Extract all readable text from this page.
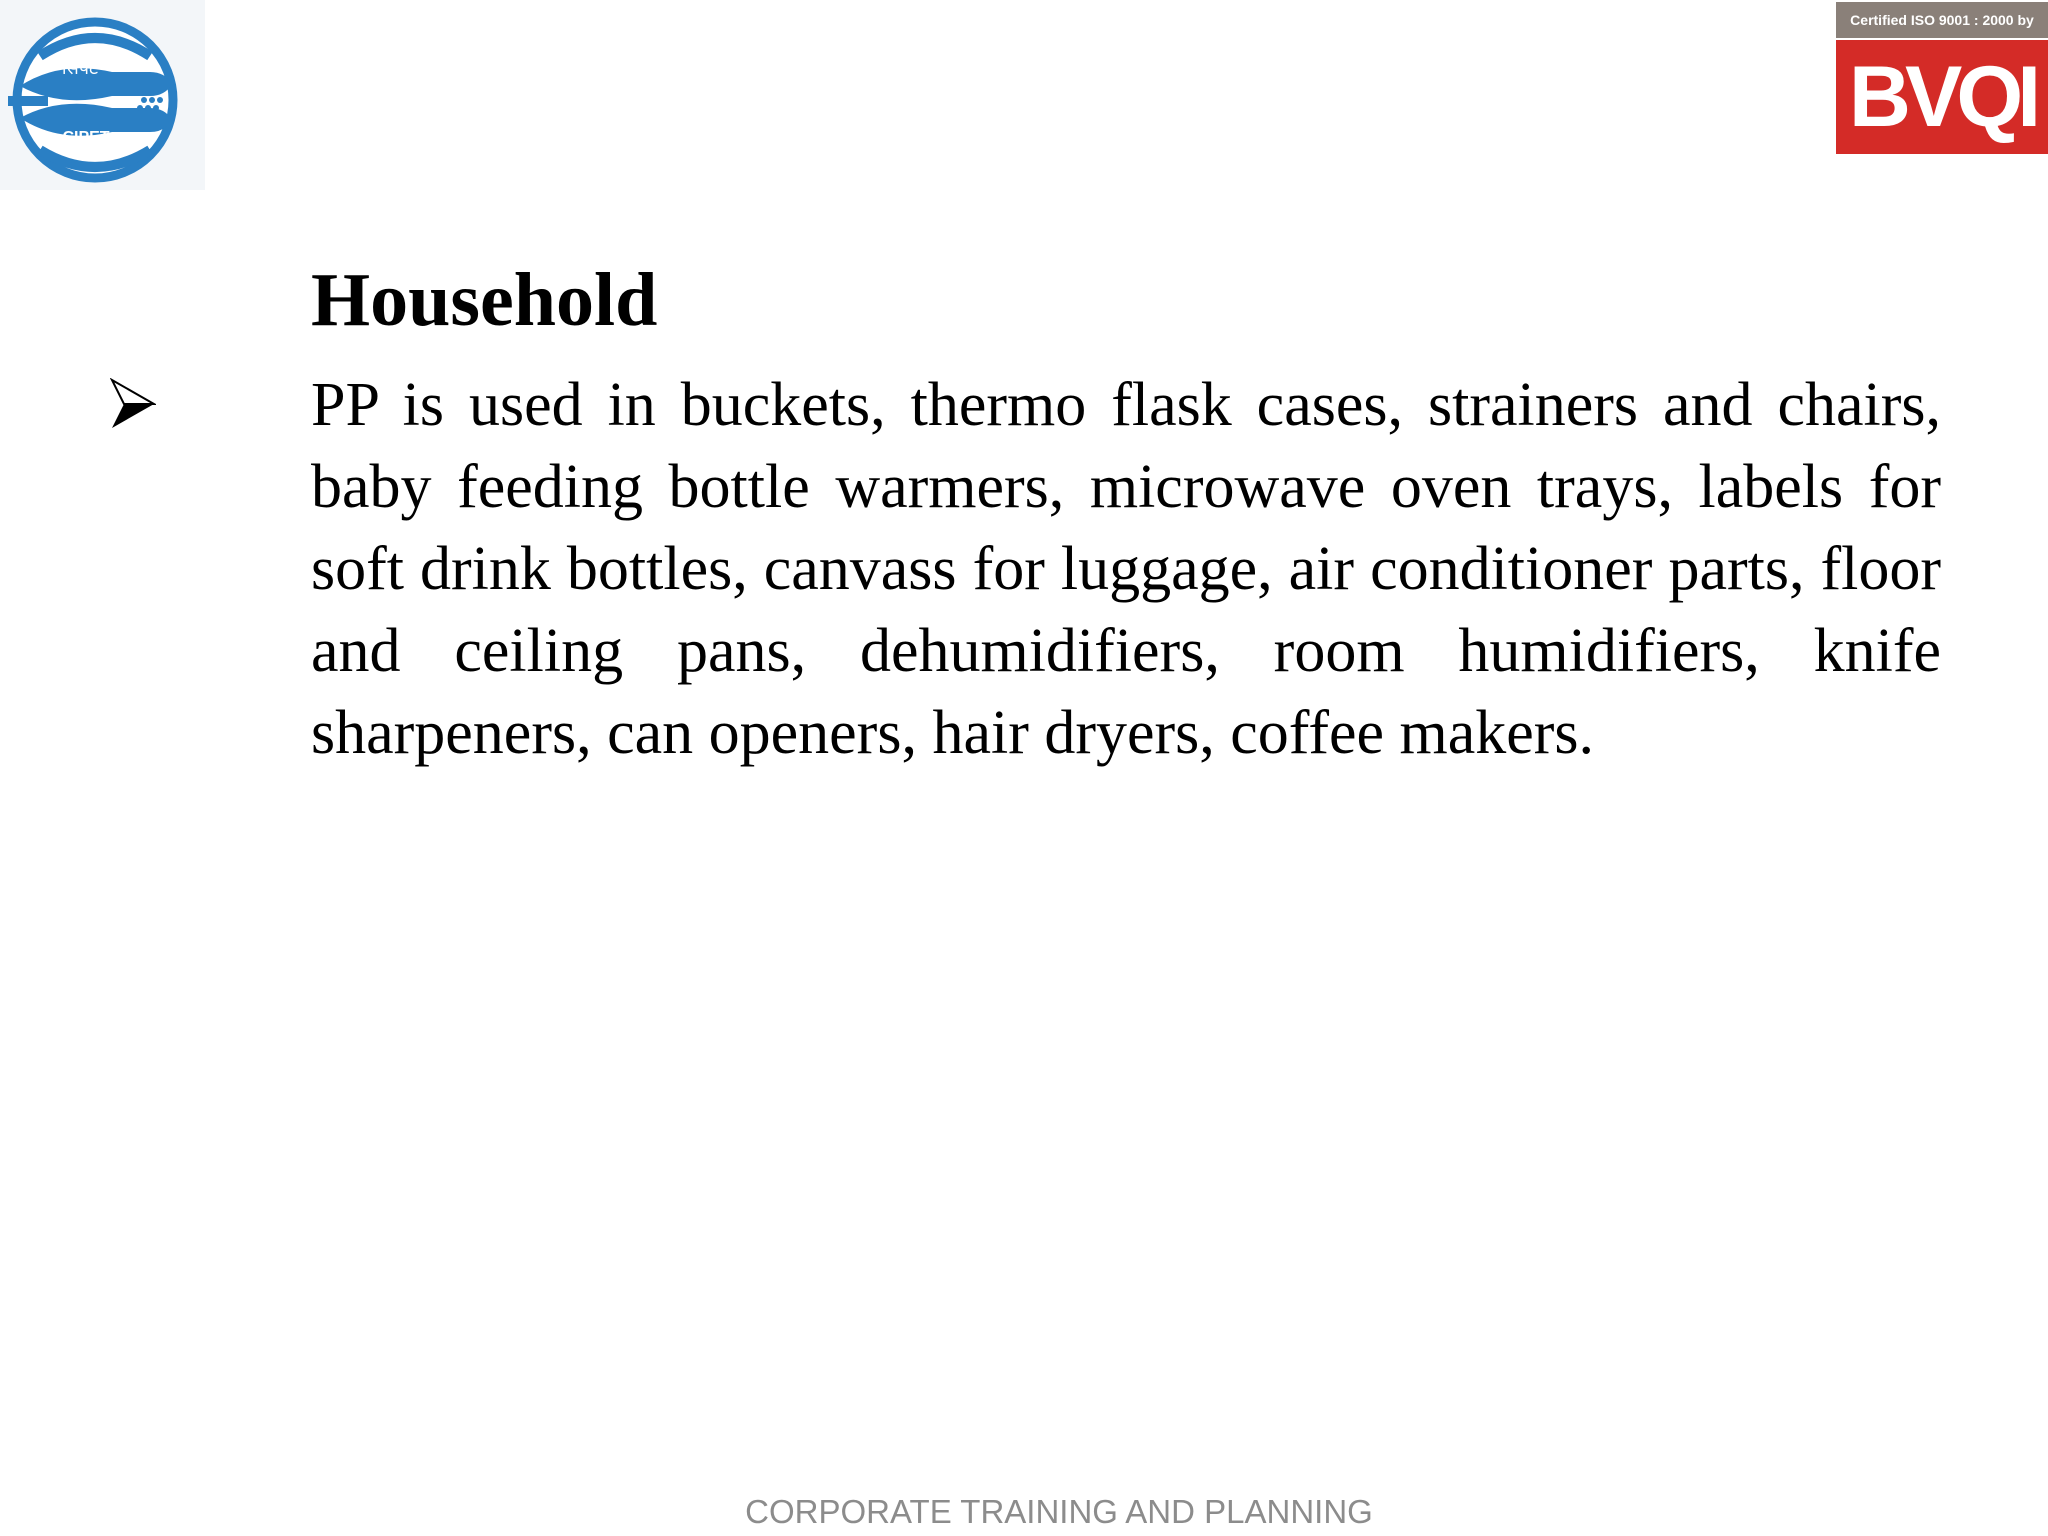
सिपेट
CIPET
Certified ISO 9001 : 2000 by
BVQI
Household

PP is used in buckets, thermo flask cases, strainers and chairs, baby feeding bottle warmers, microwave oven trays, labels for soft drink bottles, canvass for luggage, air conditioner parts, floor and ceiling pans, dehumidifiers, room humidifiers, knife sharpeners, can openers, hair dryers, coffee makers.

CORPORATE TRAINING AND PLANNING
